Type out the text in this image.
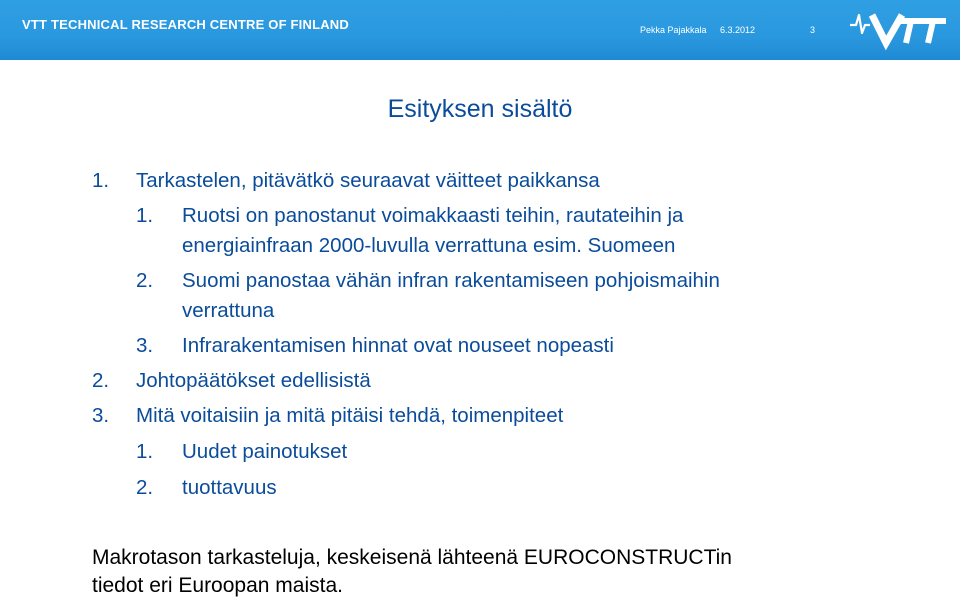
VTT TECHNICAL RESEARCH CENTRE OF FINLAND	Pekka Pajakkala 6.3.2012	3
Esityksen sisältö
1. Tarkastelen, pitävätkö seuraavat väitteet paikkansa
1. Ruotsi on panostanut voimakkaasti teihin, rautateihin ja
energiainfraan 2000-luvulla verrattuna esim. Suomeen
2. Suomi panostaa vähän infran rakentamiseen pohjoismaihin
verrattuna
3. Infrarakentamisen hinnat ovat nouseet nopeasti
2. Johtopäätökset edellisistä
3. Mitä voitaisiin ja mitä pitäisi tehdä, toimenpiteet
1. Uudet painotukset
2. tuottavuus
Makrotason tarkasteluja, keskeisenä lähteenä EUROCONSTRUCTin
tiedot eri Euroopan maista.
